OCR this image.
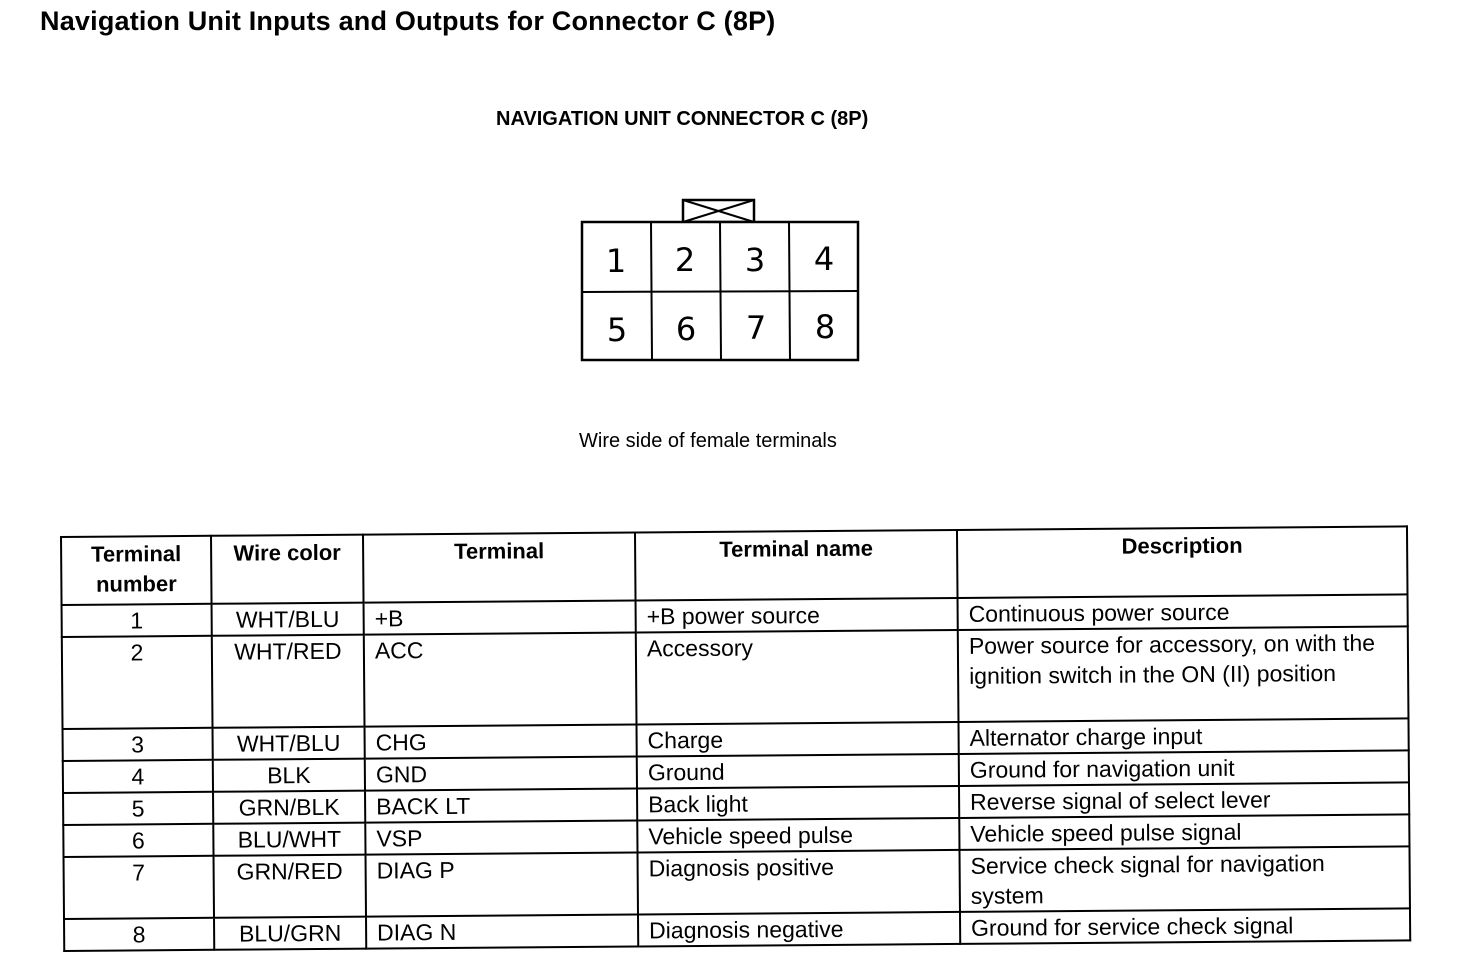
Navigation Unit Inputs and Outputs for Connector C (8P)
NAVIGATION UNIT CONNECTOR C (8P)
1 2 3 4
5 6 7 8
Wire side of female terminals
Terminal number	Wire color	Terminal	Terminal name	Description
1	WHT/BLU	+B	+B power source	Continuous power source
2	WHT/RED	ACC	Accessory	Power source for accessory, on with the ignition switch in the ON (II) position
3	WHT/BLU	CHG	Charge	Alternator charge input
4	BLK	GND	Ground	Ground for navigation unit
5	GRN/BLK	BACK LT	Back light	Reverse signal of select lever
6	BLU/WHT	VSP	Vehicle speed pulse	Vehicle speed pulse signal
7	GRN/RED	DIAG P	Diagnosis positive	Service check signal for navigation system
8	BLU/GRN	DIAG N	Diagnosis negative	Ground for service check signal
